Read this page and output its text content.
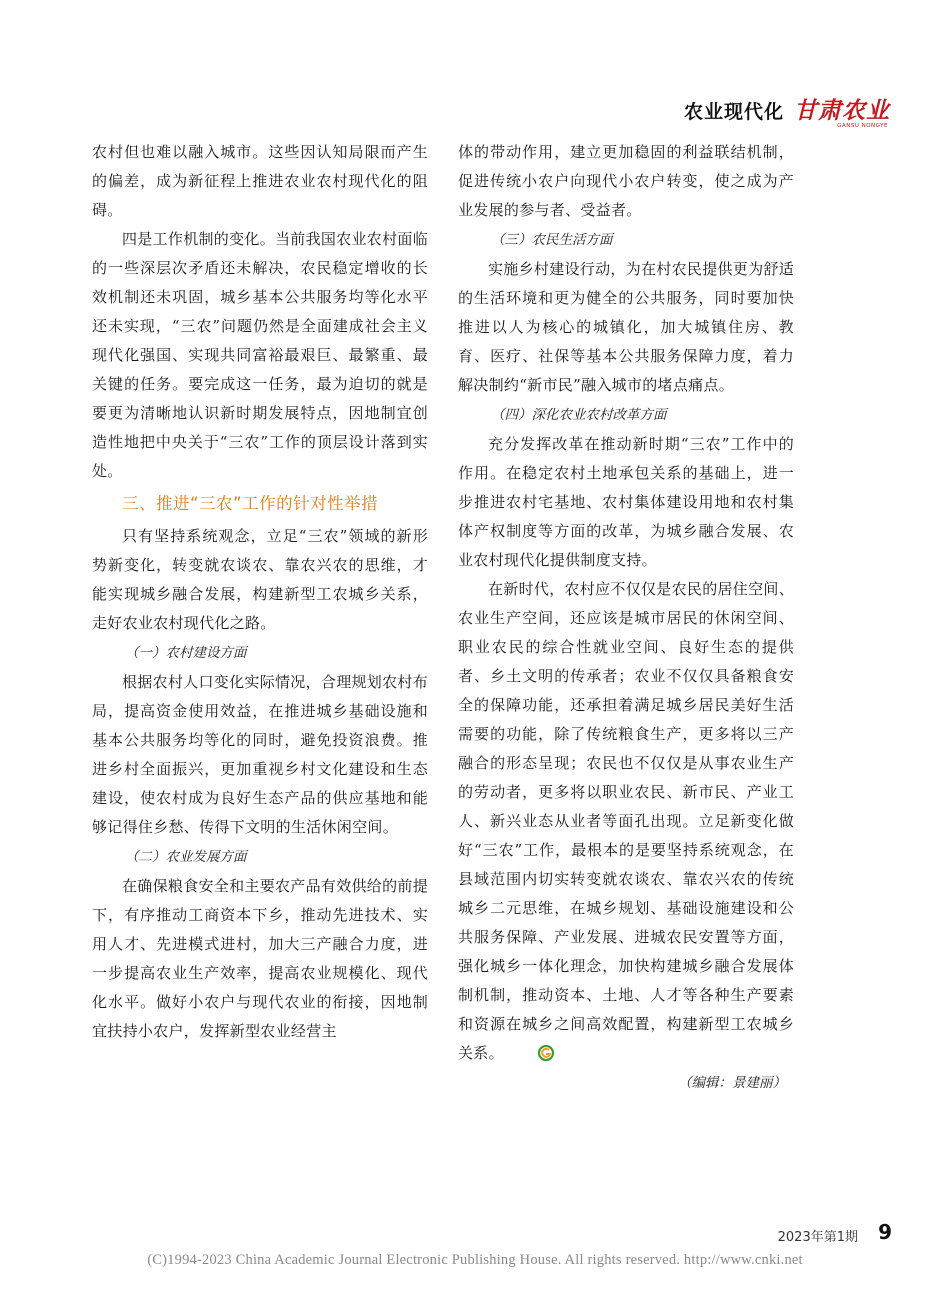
农业现代化 甘肃农业
GANSU NONGYE

农村但也难以融入城市。这些因认知局限而产生的偏差，成为新征程上推进农业农村现代化的阻碍。

四是工作机制的变化。当前我国农业农村面临的一些深层次矛盾还未解决，农民稳定增收的长效机制还未巩固，城乡基本公共服务均等化水平还未实现，“三农”问题仍然是全面建成社会主义现代化强国、实现共同富裕最艰巨、最繁重、最关键的任务。要完成这一任务，最为迫切的就是要更为清晰地认识新时期发展特点，因地制宜创造性地把中央关于“三农”工作的顶层设计落到实处。

三、推进“三农”工作的针对性举措

只有坚持系统观念，立足“三农”领域的新形势新变化，转变就农谈农、靠农兴农的思维，才能实现城乡融合发展，构建新型工农城乡关系，走好农业农村现代化之路。

（一）农村建设方面

根据农村人口变化实际情况，合理规划农村布局，提高资金使用效益，在推进城乡基础设施和基本公共服务均等化的同时，避免投资浪费。推进乡村全面振兴，更加重视乡村文化建设和生态建设，使农村成为良好生态产品的供应基地和能够记得住乡愁、传得下文明的生活休闲空间。

（二）农业发展方面

在确保粮食安全和主要农产品有效供给的前提下，有序推动工商资本下乡，推动先进技术、实用人才、先进模式进村，加大三产融合力度，进一步提高农业生产效率，提高农业规模化、现代化水平。做好小农户与现代农业的衔接，因地制宜扶持小农户，发挥新型农业经营主

体的带动作用，建立更加稳固的利益联结机制，促进传统小农户向现代小农户转变，使之成为产业发展的参与者、受益者。

（三）农民生活方面

实施乡村建设行动，为在村农民提供更为舒适的生活环境和更为健全的公共服务，同时要加快推进以人为核心的城镇化，加大城镇住房、教育、医疗、社保等基本公共服务保障力度，着力解决制约“新市民”融入城市的堵点痛点。

（四）深化农业农村改革方面

充分发挥改革在推动新时期“三农”工作中的作用。在稳定农村土地承包关系的基础上，进一步推进农村宅基地、农村集体建设用地和农村集体产权制度等方面的改革，为城乡融合发展、农业农村现代化提供制度支持。

在新时代，农村应不仅仅是农民的居住空间、农业生产空间，还应该是城市居民的休闲空间、职业农民的综合性就业空间、良好生态的提供者、乡土文明的传承者；农业不仅仅具备粮食安全的保障功能，还承担着满足城乡居民美好生活需要的功能，除了传统粮食生产，更多将以三产融合的形态呈现；农民也不仅仅是从事农业生产的劳动者，更多将以职业农民、新市民、产业工人、新兴业态从业者等面孔出现。立足新变化做好“三农”工作，最根本的是要坚持系统观念，在县域范围内切实转变就农谈农、靠农兴农的传统城乡二元思维，在城乡规划、基础设施建设和公共服务保障、产业发展、进城农民安置等方面，强化城乡一体化理念，加快构建城乡融合发展体制机制，推动资本、土地、人才等各种生产要素和资源在城乡之间高效配置，构建新型工农城乡关系。

（编辑：景建丽）

2023年第1期 9
(C)1994-2023 China Academic Journal Electronic Publishing House. All rights reserved. http://www.cnki.net
